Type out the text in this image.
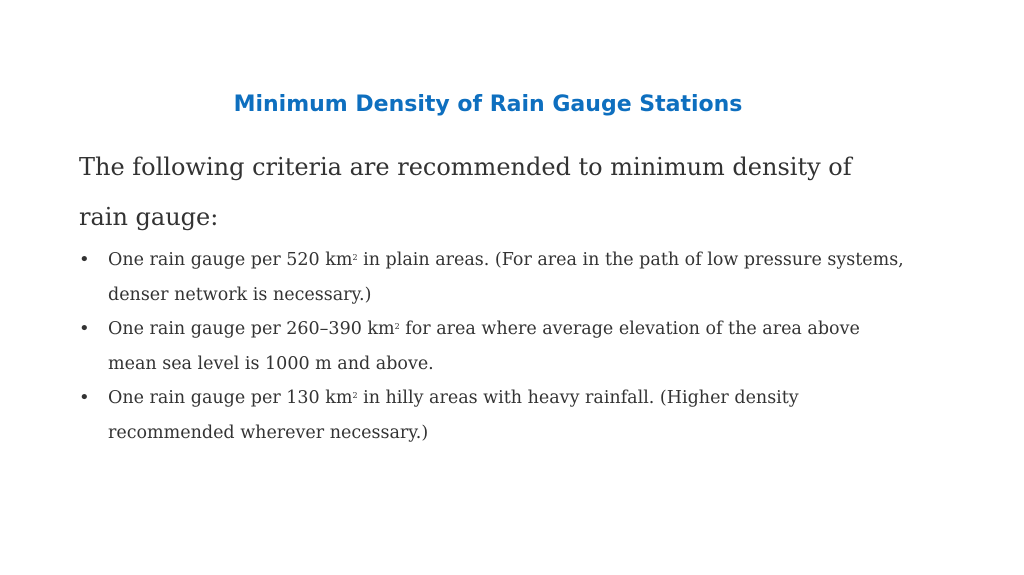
Minimum Density of Rain Gauge Stations

The following criteria are recommended to minimum density of rain gauge:

• One rain gauge per 520 $km^2$ in plain areas. (For area in the path of low pressure systems, denser network is necessary.)
• One rain gauge per 260–390 $km^2$ for area where average elevation of the area above mean sea level is 1000 m and above.
• One rain gauge per 130 $km^2$ in hilly areas with heavy rainfall. (Higher density recommended wherever necessary.)
